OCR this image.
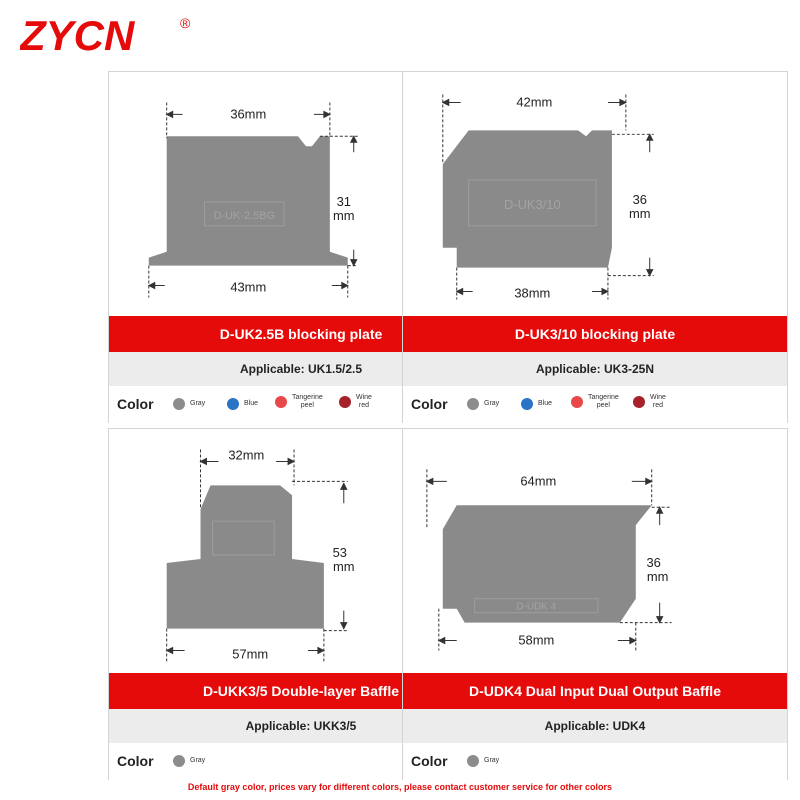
ZYCN	®
D-UK-2.5BG
36mm
43mm
31
mm
D-UK2.5B blocking plate
Applicable: UK1.5/2.5
Color	Gray	Blue
Tangerine
peel
Wine
red
D-UK3/10
42mm
38mm
36
mm
D-UK3/10 blocking plate
Applicable: UK3-25N
Color	Gray	Blue
Tangerine
peel
Wine
red
32mm
57mm
53
mm
D-UKK3/5 Double-layer Baffle
Applicable: UKK3/5
Color	Gray
D-UDK 4
64mm
58mm
36
mm
D-UDK4 Dual Input Dual Output Baffle
Applicable: UDK4
Color	Gray
Default gray color, prices vary for different colors, please contact customer service for other colors
